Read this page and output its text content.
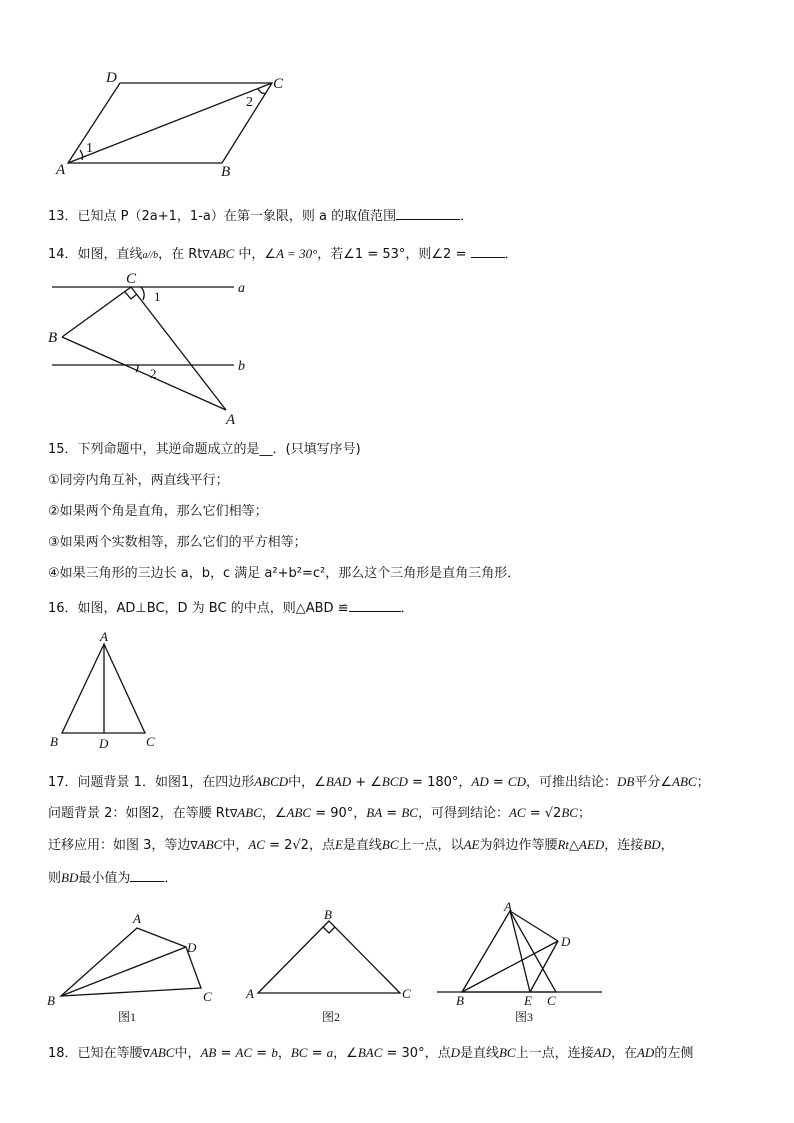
D	C
A	B
1
2
13．已知点 P（2a+1，1-a）在第一象限，则 a 的取值范围	．
14．如图，直线a//b，在 Rt∇ABC 中，∠A = 30°，若∠1 = 53°，则∠2 =	．
C
a
1
B
b
2
A
15．下列命题中，其逆命题成立的是__．(只填写序号)
①同旁内角互补，两直线平行；
②如果两个角是直角，那么它们相等；
③如果两个实数相等，那么它们的平方相等；
④如果三角形的三边长 a，b，c 满足 a²+b²=c²，那么这个三角形是直角三角形．
16．如图，AD⊥BC，D 为 BC 的中点，则△ABD ≌	．
A
B	D	C
17．问题背景 1．如图1，在四边形ABCD中，∠BAD + ∠BCD = 180°，AD = CD，可推出结论：DB平分∠ABC；
问题背景 2：如图2，在等腰 Rt∇ABC，∠ABC = 90°，BA = BC，可得到结论：AC = √2BC；
迁移应用：如图 3，等边∇ABC中，AC = 2√2，点E是直线BC上一点，以AE为斜边作等腰Rt△AED，连接BD，
则BD最小值为	．
A
D
B	C
图1
B
A	C
图2
A
D
B	E C
图3
18．已知在等腰∇ABC中，AB = AC = b，BC = a，∠BAC = 30°，点D是直线BC上一点，连接AD，在AD的左侧
